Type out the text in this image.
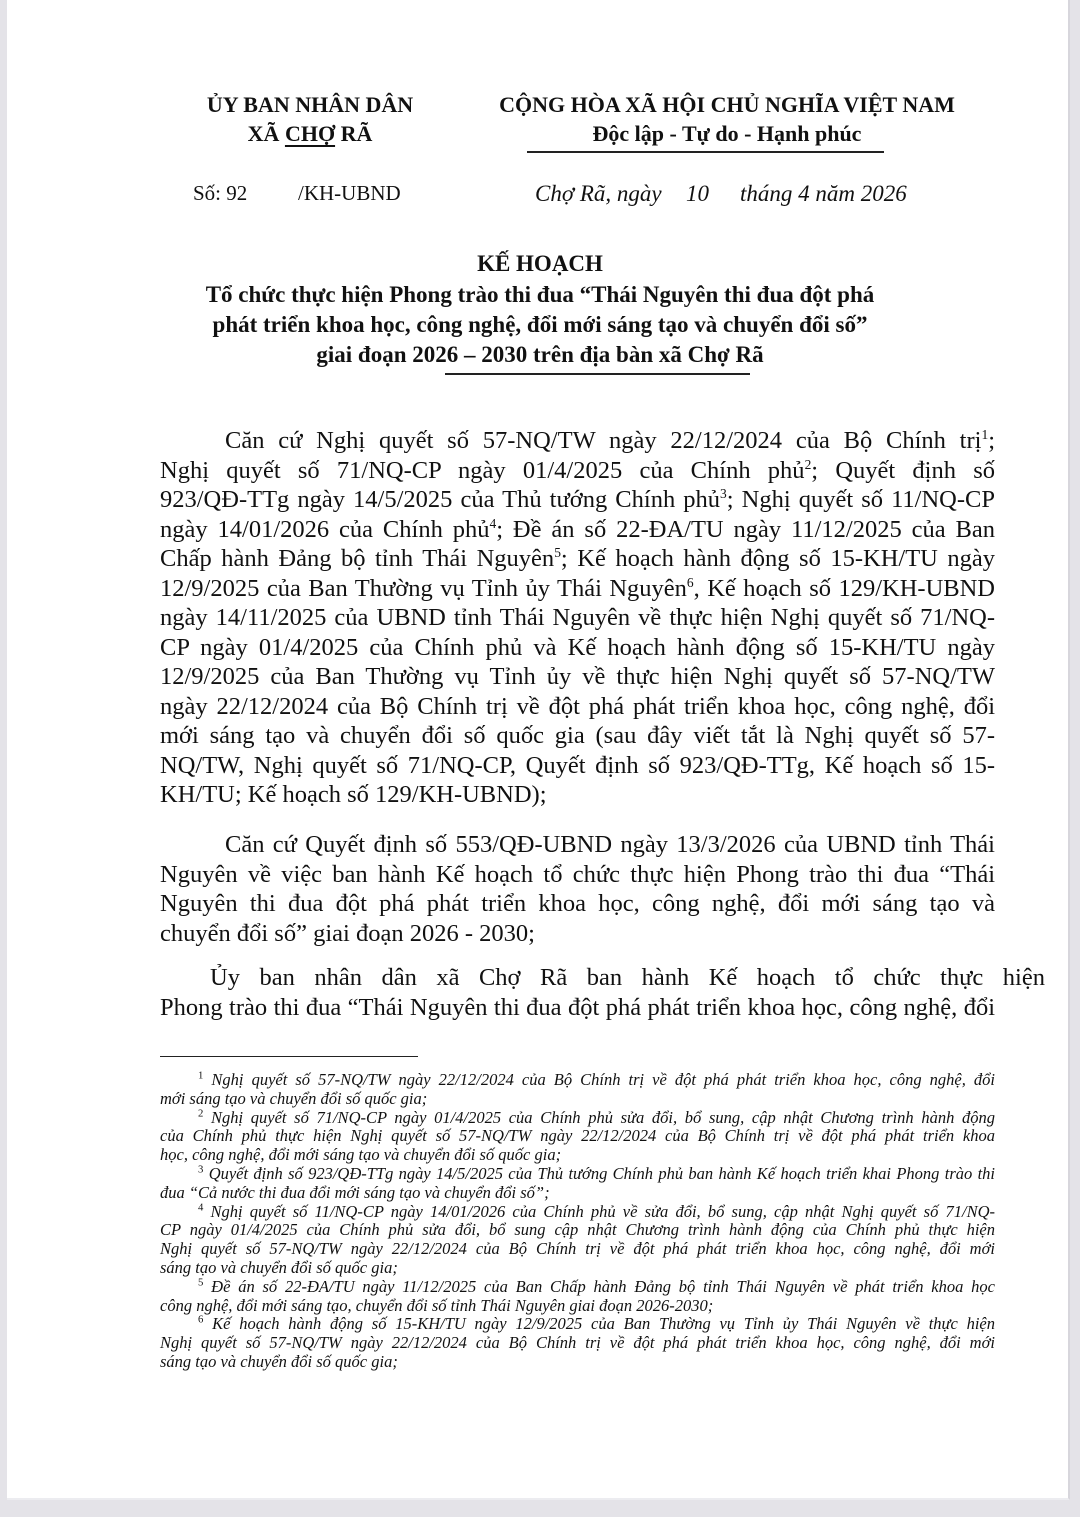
ỦY BAN NHÂN DÂN
XÃ CHỢ RÃ
CỘNG HÒA XÃ HỘI CHỦ NGHĨA VIỆT NAM
Độc lập - Tự do - Hạnh phúc
Số: 92 /KH-UBND	Chợ Rã, ngày 10 tháng 4 năm 2026
KẾ HOẠCH
Tổ chức thực hiện Phong trào thi đua “Thái Nguyên thi đua đột phá
phát triển khoa học, công nghệ, đổi mới sáng tạo và chuyển đổi số”
giai đoạn 2026 – 2030 trên địa bàn xã Chợ Rã
Căn cứ Nghị quyết số 57-NQ/TW ngày 22/12/2024 của Bộ Chính trị$^1$;
Nghị quyết số 71/NQ-CP ngày 01/4/2025 của Chính phủ$^2$; Quyết định số
923/QĐ-TTg ngày 14/5/2025 của Thủ tướng Chính phủ$^3$; Nghị quyết số 11/NQ-CP
ngày 14/01/2026 của Chính phủ$^4$; Đề án số 22-ĐA/TU ngày 11/12/2025 của Ban
Chấp hành Đảng bộ tỉnh Thái Nguyên$^5$; Kế hoạch hành động số 15-KH/TU ngày
12/9/2025 của Ban Thường vụ Tỉnh ủy Thái Nguyên$^6$, Kế hoạch số 129/KH-UBND
ngày 14/11/2025 của UBND tỉnh Thái Nguyên về thực hiện Nghị quyết số 71/NQ-
CP ngày 01/4/2025 của Chính phủ và Kế hoạch hành động số 15-KH/TU ngày
12/9/2025 của Ban Thường vụ Tỉnh ủy về thực hiện Nghị quyết số 57-NQ/TW
ngày 22/12/2024 của Bộ Chính trị về đột phá phát triển khoa học, công nghệ, đổi
mới sáng tạo và chuyển đổi số quốc gia (sau đây viết tắt là Nghị quyết số 57-
NQ/TW, Nghị quyết số 71/NQ-CP, Quyết định số 923/QĐ-TTg, Kế hoạch số 15-
KH/TU; Kế hoạch số 129/KH-UBND);
Căn cứ Quyết định số 553/QĐ-UBND ngày 13/3/2026 của UBND tỉnh Thái
Nguyên về việc ban hành Kế hoạch tổ chức thực hiện Phong trào thi đua “Thái
Nguyên thi đua đột phá phát triển khoa học, công nghệ, đổi mới sáng tạo và
chuyển đổi số” giai đoạn 2026 - 2030;
Ủy ban nhân dân xã Chợ Rã ban hành Kế hoạch tổ chức thực hiện
Phong trào thi đua “Thái Nguyên thi đua đột phá phát triển khoa học, công nghệ, đổi
$^1$ Nghị quyết số 57-NQ/TW ngày 22/12/2024 của Bộ Chính trị về đột phá phát triển khoa học, công nghệ, đổi
mới sáng tạo và chuyển đổi số quốc gia;
$^2$ Nghị quyết số 71/NQ-CP ngày 01/4/2025 của Chính phủ sửa đổi, bổ sung, cập nhật Chương trình hành động
của Chính phủ thực hiện Nghị quyết số 57-NQ/TW ngày 22/12/2024 của Bộ Chính trị về đột phá phát triển khoa
học, công nghệ, đổi mới sáng tạo và chuyển đổi số quốc gia;
$^3$ Quyết định số 923/QĐ-TTg ngày 14/5/2025 của Thủ tướng Chính phủ ban hành Kế hoạch triển khai Phong trào thi
đua “Cả nước thi đua đổi mới sáng tạo và chuyển đổi số”;
$^4$ Nghị quyết số 11/NQ-CP ngày 14/01/2026 của Chính phủ về sửa đổi, bổ sung, cập nhật Nghị quyết số 71/NQ-
CP ngày 01/4/2025 của Chính phủ sửa đổi, bổ sung cập nhật Chương trình hành động của Chính phủ thực hiện
Nghị quyết số 57-NQ/TW ngày 22/12/2024 của Bộ Chính trị về đột phá phát triển khoa học, công nghệ, đổi mới
sáng tạo và chuyển đổi số quốc gia;
$^5$ Đề án số 22-ĐA/TU ngày 11/12/2025 của Ban Chấp hành Đảng bộ tỉnh Thái Nguyên về phát triển khoa học
công nghệ, đổi mới sáng tạo, chuyển đổi số tỉnh Thái Nguyên giai đoạn 2026-2030;
$^6$ Kế hoạch hành động số 15-KH/TU ngày 12/9/2025 của Ban Thường vụ Tỉnh ủy Thái Nguyên về thực hiện
Nghị quyết số 57-NQ/TW ngày 22/12/2024 của Bộ Chính trị về đột phá phát triển khoa học, công nghệ, đổi mới
sáng tạo và chuyển đổi số quốc gia;
